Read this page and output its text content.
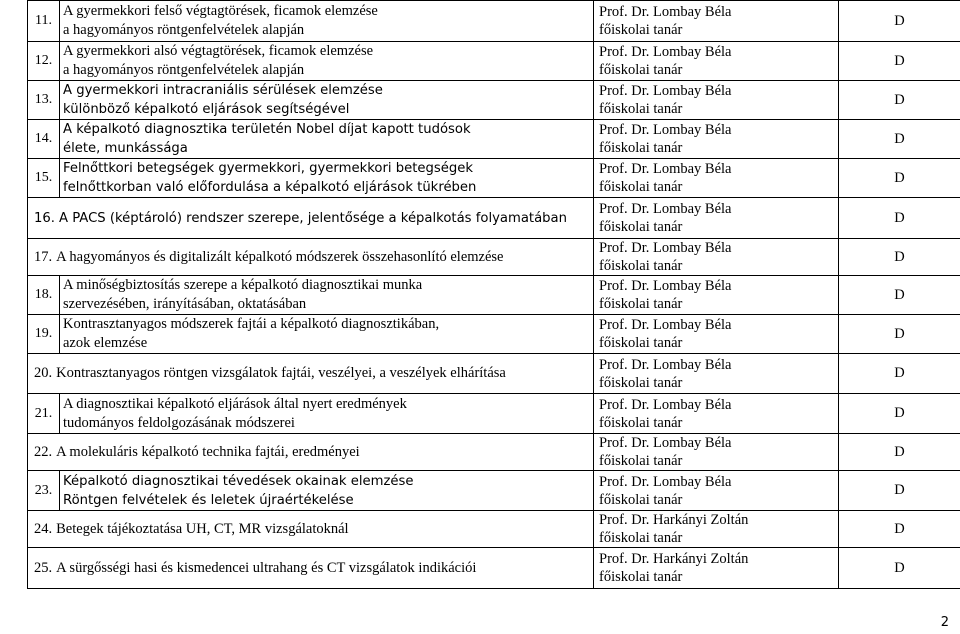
11.	A gyermekkori felső végtagtörések, ficamok elemzése
a hagyományos röntgenfelvételek alapján	Prof. Dr. Lombay Béla
főiskolai tanár	D
12.	A gyermekkori alsó végtagtörések, ficamok elemzése
a hagyományos röntgenfelvételek alapján	Prof. Dr. Lombay Béla
főiskolai tanár	D
13.	A gyermekkori intracraniális sérülések elemzése
különböző képalkotó eljárások segítségével	Prof. Dr. Lombay Béla
főiskolai tanár	D
14.	A képalkotó diagnosztika területén Nobel díjat kapott tudósok
élete, munkássága	Prof. Dr. Lombay Béla
főiskolai tanár	D
15.	Felnőttkori betegségek gyermekkori, gyermekkori betegségek
felnőttkorban való előfordulása a képalkotó eljárások tükrében	Prof. Dr. Lombay Béla
főiskolai tanár	D
16. A PACS (képtároló) rendszer szerepe, jelentősége a képalkotás folyamatában		Prof. Dr. Lombay Béla
főiskolai tanár	D
17. A hagyományos és digitalizált képalkotó módszerek összehasonlító elemzése		Prof. Dr. Lombay Béla
főiskolai tanár	D
18.	A minőségbiztosítás szerepe a képalkotó diagnosztikai munka
szervezésében, irányításában, oktatásában	Prof. Dr. Lombay Béla
főiskolai tanár	D
19.	Kontrasztanyagos módszerek fajtái a képalkotó diagnosztikában,
azok elemzése	Prof. Dr. Lombay Béla
főiskolai tanár	D
20. Kontrasztanyagos röntgen vizsgálatok fajtái, veszélyei, a veszélyek elhárítása		Prof. Dr. Lombay Béla
főiskolai tanár	D
21.	A diagnosztikai képalkotó eljárások által nyert eredmények
tudományos feldolgozásának módszerei	Prof. Dr. Lombay Béla
főiskolai tanár	D
22. A molekuláris képalkotó technika fajtái, eredményei		Prof. Dr. Lombay Béla
főiskolai tanár	D
23.	Képalkotó diagnosztikai tévedések okainak elemzése
Röntgen felvételek és leletek újraértékelése	Prof. Dr. Lombay Béla
főiskolai tanár	D
24. Betegek tájékoztatása UH, CT, MR vizsgálatoknál		Prof. Dr. Harkányi Zoltán
főiskolai tanár	D
25. A sürgősségi hasi és kismedencei ultrahang és CT vizsgálatok indikációi		Prof. Dr. Harkányi Zoltán
főiskolai tanár	D
2
